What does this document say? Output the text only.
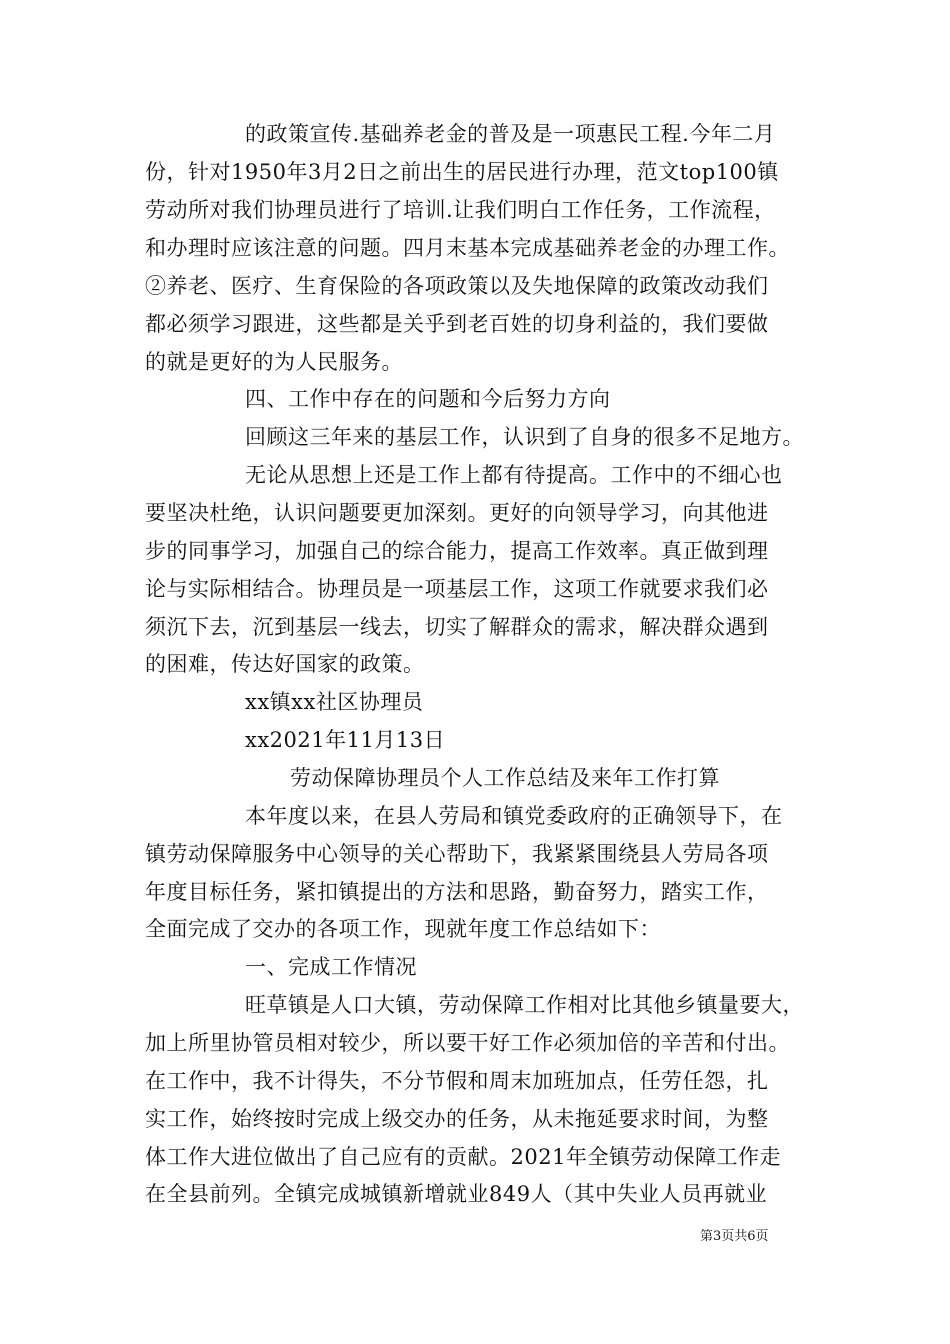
的政策宣传.基础养老金的普及是一项惠民工程.今年二月
份，针对1950年3月2日之前出生的居民进行办理，范文top100镇
劳动所对我们协理员进行了培训.让我们明白工作任务，工作流程，
和办理时应该注意的问题。四月末基本完成基础养老金的办理工作。
②养老、医疗、生育保险的各项政策以及失地保障的政策改动我们
都必须学习跟进，这些都是关乎到老百姓的切身利益的，我们要做
的就是更好的为人民服务。
四、工作中存在的问题和今后努力方向
回顾这三年来的基层工作，认识到了自身的很多不足地方。
无论从思想上还是工作上都有待提高。工作中的不细心也
要坚决杜绝，认识问题要更加深刻。更好的向领导学习，向其他进
步的同事学习，加强自己的综合能力，提高工作效率。真正做到理
论与实际相结合。协理员是一项基层工作，这项工作就要求我们必
须沉下去，沉到基层一线去，切实了解群众的需求，解决群众遇到
的困难，传达好国家的政策。
xx镇xx社区协理员
xx2021年11月13日
劳动保障协理员个人工作总结及来年工作打算
本年度以来，在县人劳局和镇党委政府的正确领导下，在
镇劳动保障服务中心领导的关心帮助下，我紧紧围绕县人劳局各项
年度目标任务，紧扣镇提出的方法和思路，勤奋努力，踏实工作，
全面完成了交办的各项工作，现就年度工作总结如下：
一、完成工作情况
旺草镇是人口大镇，劳动保障工作相对比其他乡镇量要大，
加上所里协管员相对较少，所以要干好工作必须加倍的辛苦和付出。
在工作中，我不计得失，不分节假和周末加班加点，任劳任怨，扎
实工作，始终按时完成上级交办的任务，从未拖延要求时间，为整
体工作大进位做出了自己应有的贡献。2021年全镇劳动保障工作走
在全县前列。全镇完成城镇新增就业849人（其中失业人员再就业
第3页共6页
